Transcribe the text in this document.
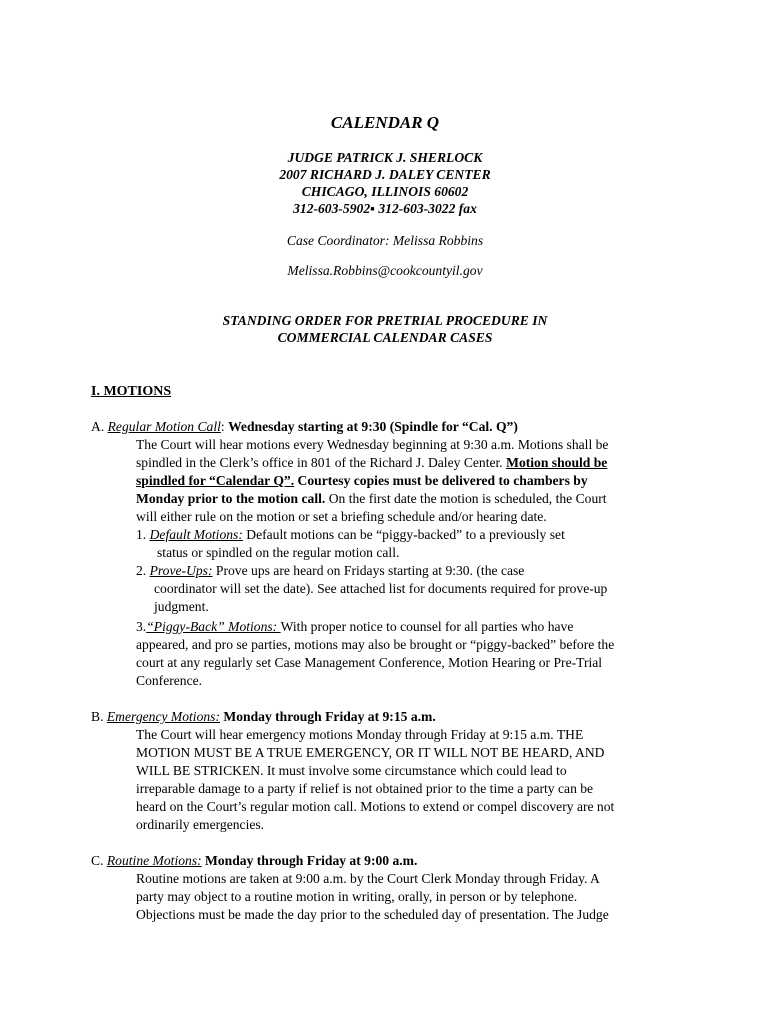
CALENDAR Q
JUDGE PATRICK J. SHERLOCK
2007 RICHARD J. DALEY CENTER
CHICAGO, ILLINOIS 60602
312-603-5902▪ 312-603-3022 fax
Case Coordinator: Melissa Robbins
Melissa.Robbins@cookcountyil.gov
STANDING ORDER FOR PRETRIAL PROCEDURE IN
COMMERCIAL CALENDAR CASES
I. MOTIONS
A. Regular Motion Call: Wednesday starting at 9:30 (Spindle for “Cal. Q”)
The Court will hear motions every Wednesday beginning at 9:30 a.m. Motions shall be
spindled in the Clerk’s office in 801 of the Richard J. Daley Center. Motion should be
spindled for “Calendar Q”. Courtesy copies must be delivered to chambers by
Monday prior to the motion call. On the first date the motion is scheduled, the Court
will either rule on the motion or set a briefing schedule and/or hearing date.
1. Default Motions: Default motions can be “piggy-backed” to a previously set
status or spindled on the regular motion call.
2. Prove-Ups: Prove ups are heard on Fridays starting at 9:30. (the case
coordinator will set the date). See attached list for documents required for prove-up
judgment.
3.“Piggy-Back” Motions: With proper notice to counsel for all parties who have
appeared, and pro se parties, motions may also be brought or “piggy-backed” before the
court at any regularly set Case Management Conference, Motion Hearing or Pre-Trial
Conference.
B. Emergency Motions: Monday through Friday at 9:15 a.m.
The Court will hear emergency motions Monday through Friday at 9:15 a.m. THE
MOTION MUST BE A TRUE EMERGENCY, OR IT WILL NOT BE HEARD, AND
WILL BE STRICKEN. It must involve some circumstance which could lead to
irreparable damage to a party if relief is not obtained prior to the time a party can be
heard on the Court’s regular motion call. Motions to extend or compel discovery are not
ordinarily emergencies.
C. Routine Motions: Monday through Friday at 9:00 a.m.
Routine motions are taken at 9:00 a.m. by the Court Clerk Monday through Friday. A
party may object to a routine motion in writing, orally, in person or by telephone.
Objections must be made the day prior to the scheduled day of presentation. The Judge
